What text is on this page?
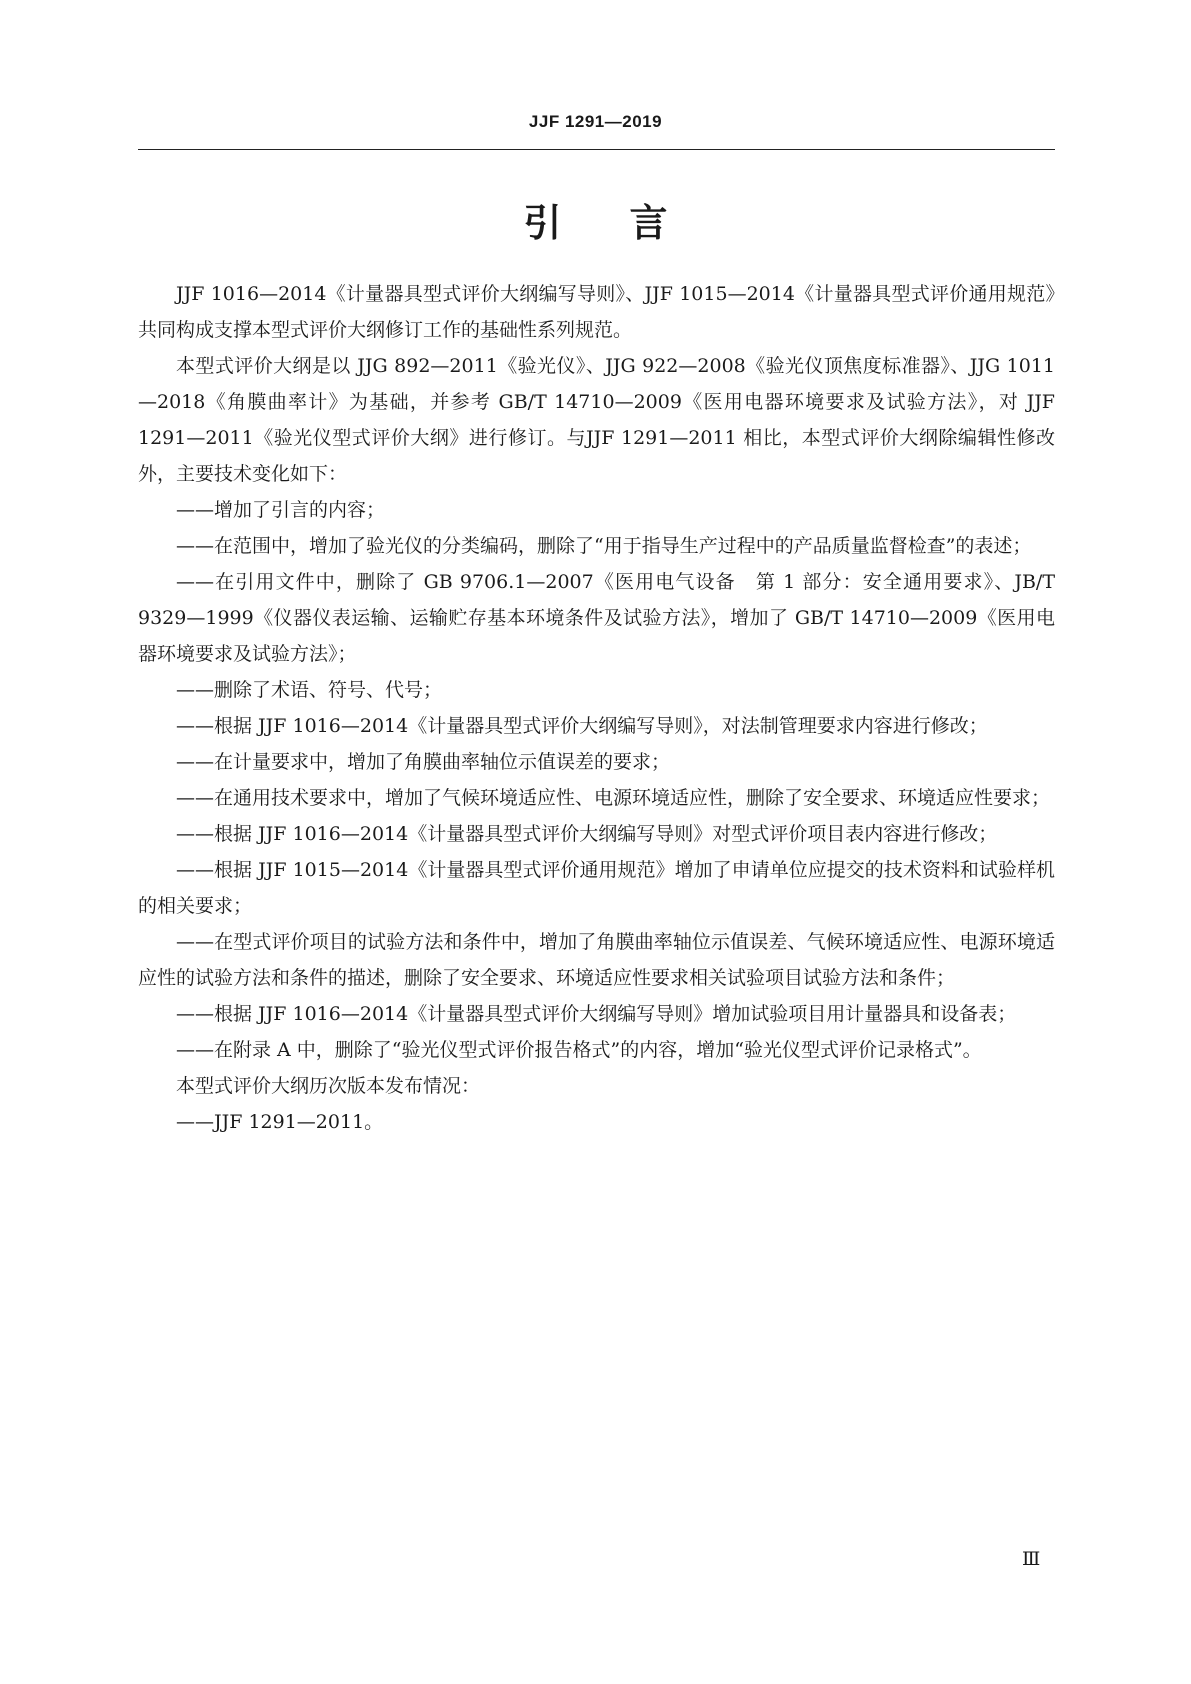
JJF 1291—2019
引言

JJF 1016—2014《计量器具型式评价大纲编写导则》、JJF 1015—2014《计量器具型式评价通用规范》共同构成支撑本型式评价大纲修订工作的基础性系列规范。

本型式评价大纲是以 JJG 892—2011《验光仪》、JJG 922—2008《验光仪顶焦度标准器》、JJG 1011—2018《角膜曲率计》为基础，并参考 GB/T 14710—2009《医用电器环境要求及试验方法》，对 JJF 1291—2011《验光仪型式评价大纲》进行修订。与JJF 1291—2011 相比，本型式评价大纲除编辑性修改外，主要技术变化如下：

——增加了引言的内容；

——在范围中，增加了验光仪的分类编码，删除了“用于指导生产过程中的产品质量监督检查”的表述；

——在引用文件中，删除了 GB 9706.1—2007《医用电气设备　第 1 部分：安全通用要求》、JB/T 9329—1999《仪器仪表运输、运输贮存基本环境条件及试验方法》，增加了 GB/T 14710—2009《医用电器环境要求及试验方法》；

——删除了术语、符号、代号；

——根据 JJF 1016—2014《计量器具型式评价大纲编写导则》，对法制管理要求内容进行修改；

——在计量要求中，增加了角膜曲率轴位示值误差的要求；

——在通用技术要求中，增加了气候环境适应性、电源环境适应性，删除了安全要求、环境适应性要求；

——根据 JJF 1016—2014《计量器具型式评价大纲编写导则》对型式评价项目表内容进行修改；

——根据 JJF 1015—2014《计量器具型式评价通用规范》增加了申请单位应提交的技术资料和试验样机的相关要求；

——在型式评价项目的试验方法和条件中，增加了角膜曲率轴位示值误差、气候环境适应性、电源环境适应性的试验方法和条件的描述，删除了安全要求、环境适应性要求相关试验项目试验方法和条件；

——根据 JJF 1016—2014《计量器具型式评价大纲编写导则》增加试验项目用计量器具和设备表；

——在附录 A 中，删除了“验光仪型式评价报告格式”的内容，增加“验光仪型式评价记录格式”。

本型式评价大纲历次版本发布情况：

——JJF 1291—2011。

Ⅲ
